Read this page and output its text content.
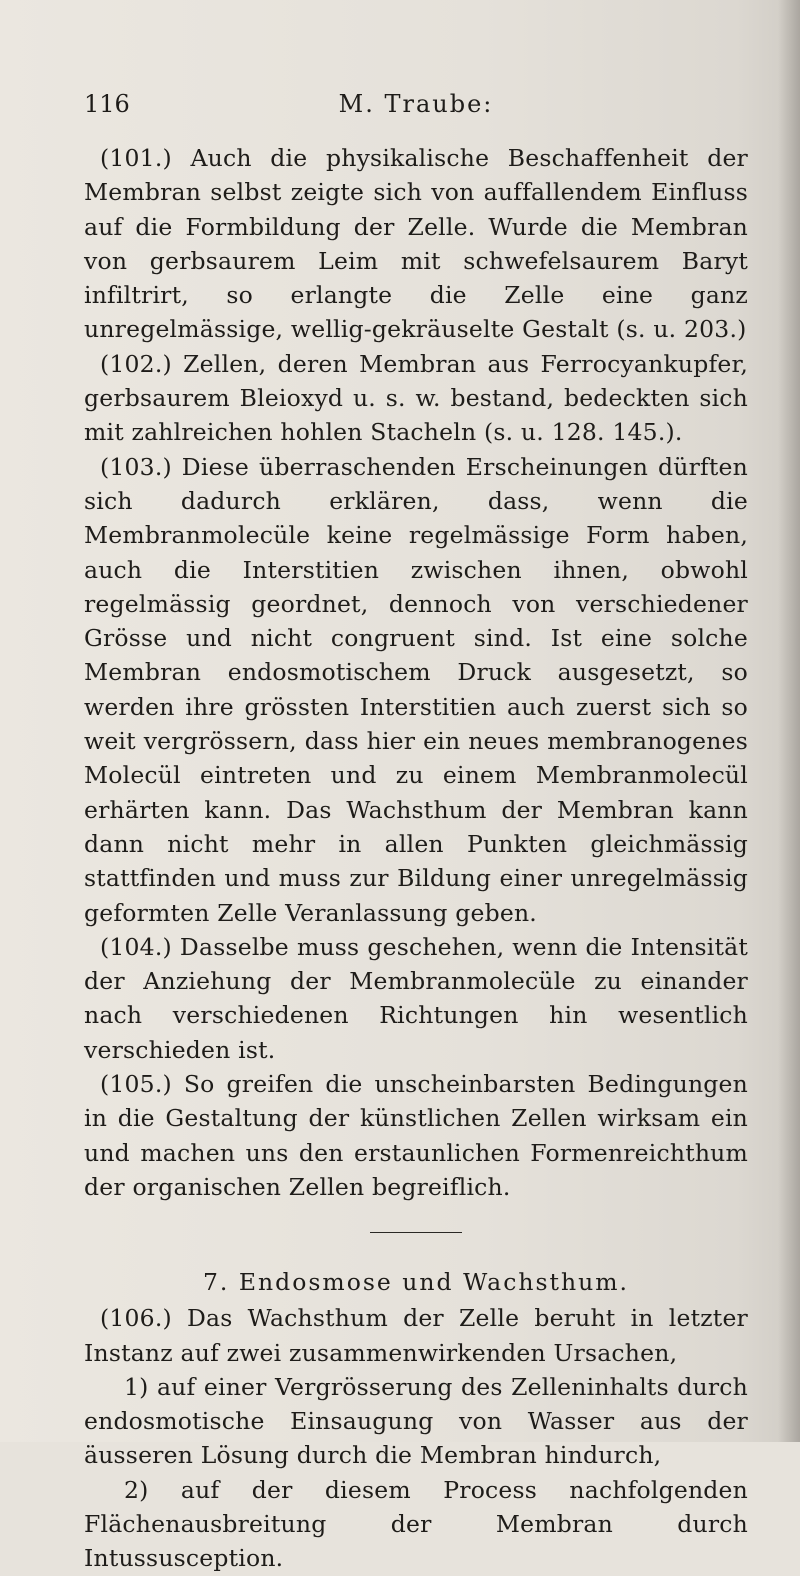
M. Traube:
116

(101.) Auch die physikalische Beschaffenheit der Membran selbst zeigte sich von auffallendem Einfluss auf die Formbildung der Zelle. Wurde die Membran von gerbsaurem Leim mit schwefelsaurem Baryt infiltrirt, so erlangte die Zelle eine ganz unregelmässige, wellig-gekräuselte Gestalt (s. u. 203.)

(102.) Zellen, deren Membran aus Ferrocyankupfer, gerbsaurem Bleioxyd u. s. w. bestand, bedeckten sich mit zahlreichen hohlen Stacheln (s. u. 128. 145.).

(103.) Diese überraschenden Erscheinungen dürften sich dadurch erklären, dass, wenn die Membranmolecüle keine regelmässige Form haben, auch die Interstitien zwischen ihnen, obwohl regelmässig geordnet, dennoch von verschiedener Grösse und nicht congruent sind. Ist eine solche Membran endosmotischem Druck ausgesetzt, so werden ihre grössten Interstitien auch zuerst sich so weit vergrössern, dass hier ein neues membranogenes Molecül eintreten und zu einem Membranmolecül erhärten kann. Das Wachsthum der Membran kann dann nicht mehr in allen Punkten gleichmässig stattfinden und muss zur Bildung einer unregelmässig geformten Zelle Veranlassung geben.

(104.) Dasselbe muss geschehen, wenn die Intensität der Anziehung der Membranmolecüle zu einander nach verschiedenen Richtungen hin wesentlich verschieden ist.

(105.) So greifen die unscheinbarsten Bedingungen in die Gestaltung der künstlichen Zellen wirksam ein und machen uns den erstaunlichen Formenreichthum der organischen Zellen begreiflich.

7. Endosmose und Wachsthum.

(106.) Das Wachsthum der Zelle beruht in letzter Instanz auf zwei zusammenwirkenden Ursachen,

1) auf einer Vergrösserung des Zelleninhalts durch endosmotische Einsaugung von Wasser aus der äusseren Lösung durch die Membran hindurch,

2) auf der diesem Process nachfolgenden Flächenausbreitung der Membran durch Intussusception.
